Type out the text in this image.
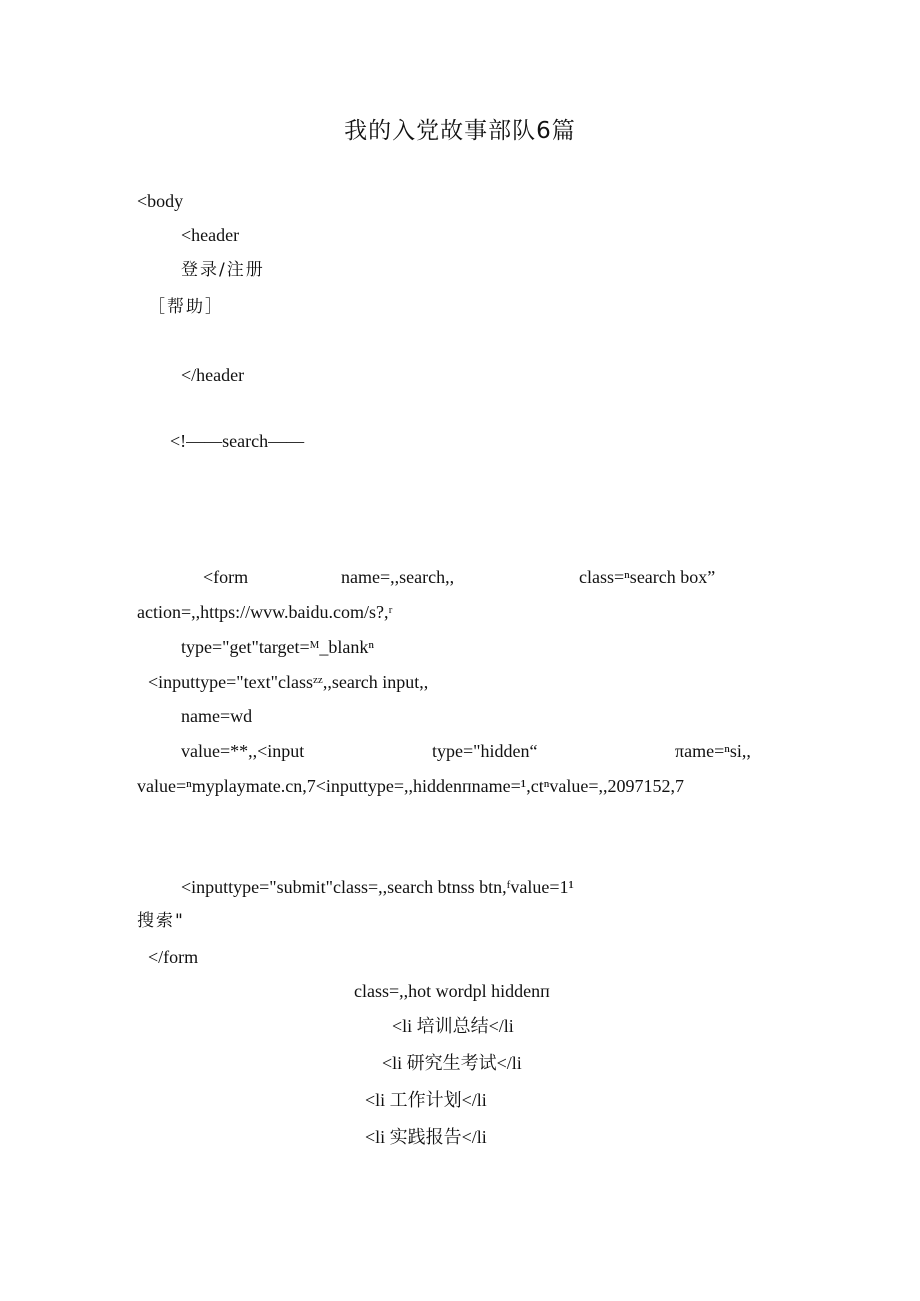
我的入党故事部队6篇
<body
<header
登录/注册
［帮助］
</header
<!——search——
<form	name=,,search,,	class=ⁿsearch box”
action=,,https://wvw.baidu.com/s?,ʳ
type="get"target=ᴹ_blankⁿ
<inputtype="text"classᶻᶻ,,search input,,
name=wd
value=**,,<input	type="hidden“	πame=ⁿsi,,
value=ⁿmyplaymate.cn,7<inputtype=,,hiddenᴨname=¹,ctⁿvalue=,,2097152,7
<inputtype="submit"class=,,search btnss btn,ᶠvalue=1¹
搜索"
</form
class=,,hot wordpl hiddenᴨ
<li 培训总结</li
<li 研究生考试</li
<li 工作计划</li
<li 实践报告</li
